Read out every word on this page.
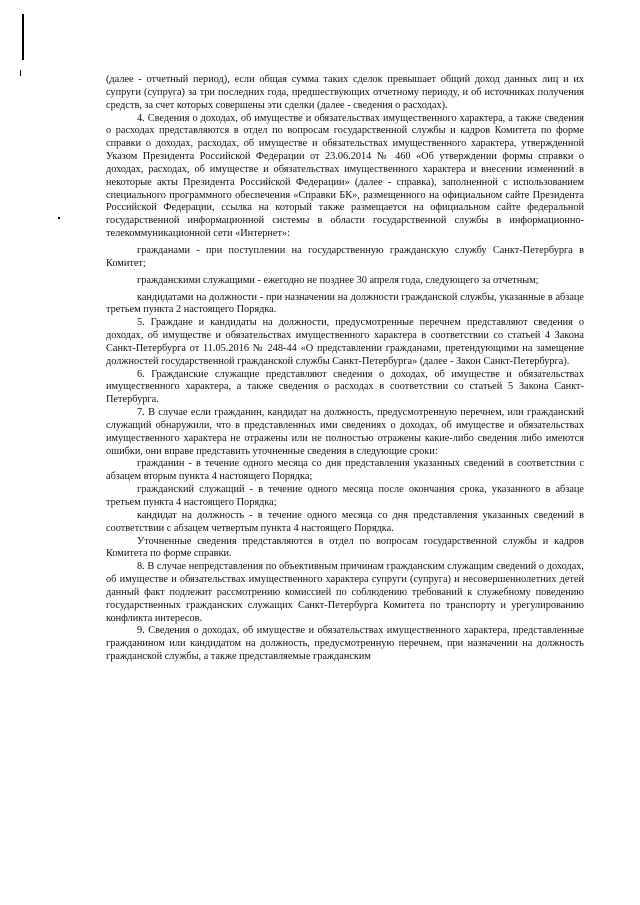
(далее - отчетный период), если общая сумма таких сделок превышает общий доход данных лиц и их супруги (супруга) за три последних года, предшествующих отчетному периоду, и об источниках получения средств, за счет которых совершены эти сделки (далее - сведения о расходах).

4. Сведения о доходах, об имуществе и обязательствах имущественного характера, а также сведения о расходах представляются в отдел по вопросам государственной службы и кадров Комитета по форме справки о доходах, расходах, об имуществе и обязательствах имущественного характера, утвержденной Указом Президента Российской Федерации от 23.06.2014 № 460 «Об утверждении формы справки о доходах, расходах, об имуществе и обязательствах имущественного характера и внесении изменений в некоторые акты Президента Российской Федерации» (далее - справка), заполненной с использованием специального программного обеспечения «Справки БК», размещенного на официальном сайте Президента Российской Федерации, ссылка на который также размещается на официальном сайте федеральной государственной информационной системы в области государственной службы в информационно-телекоммуникационной сети «Интернет»:

гражданами - при поступлении на государственную гражданскую службу Санкт-Петербурга в Комитет;

гражданскими служащими - ежегодно не позднее 30 апреля года, следующего за отчетным;

кандидатами на должности - при назначении на должности гражданской службы, указанные в абзаце третьем пункта 2 настоящего Порядка.

5. Граждане и кандидаты на должности, предусмотренные перечнем представляют сведения о доходах, об имуществе и обязательствах имущественного характера в соответствии со статьей 4 Закона Санкт-Петербурга от 11.05.2016 № 248-44 «О представлении гражданами, претендующими на замещение должностей государственной гражданской службы Санкт-Петербурга» (далее - Закон Санкт-Петербурга).

6. Гражданские служащие представляют сведения о доходах, об имуществе и обязательствах имущественного характера, а также сведения о расходах в соответствии со статьей 5 Закона Санкт-Петербурга.

7. В случае если гражданин, кандидат на должность, предусмотренную перечнем, или гражданский служащий обнаружили, что в представленных ими сведениях о доходах, об имуществе и обязательствах имущественного характера не отражены или не полностью отражены какие-либо сведения либо имеются ошибки, они вправе представить уточненные сведения в следующие сроки:

гражданин - в течение одного месяца со дня представления указанных сведений в соответствии с абзацем вторым пункта 4 настоящего Порядка;

гражданский служащий - в течение одного месяца после окончания срока, указанного в абзаце третьем пункта 4 настоящего Порядка;

кандидат на должность - в течение одного месяца со дня представления указанных сведений в соответствии с абзацем четвертым пункта 4 настоящего Порядка.

Уточненные сведения представляются в отдел по вопросам государственной службы и кадров Комитета по форме справки.

8. В случае непредставления по объективным причинам гражданским служащим сведений о доходах, об имуществе и обязательствах имущественного характера супруги (супруга) и несовершеннолетних детей данный факт подлежит рассмотрению комиссией по соблюдению требований к служебному поведению государственных гражданских служащих Санкт-Петербурга Комитета по транспорту и урегулированию конфликта интересов.

9. Сведения о доходах, об имуществе и обязательствах имущественного характера, представленные гражданином или кандидатом на должность, предусмотренную перечнем, при назначении на должность гражданской службы, а также представляемые гражданским
